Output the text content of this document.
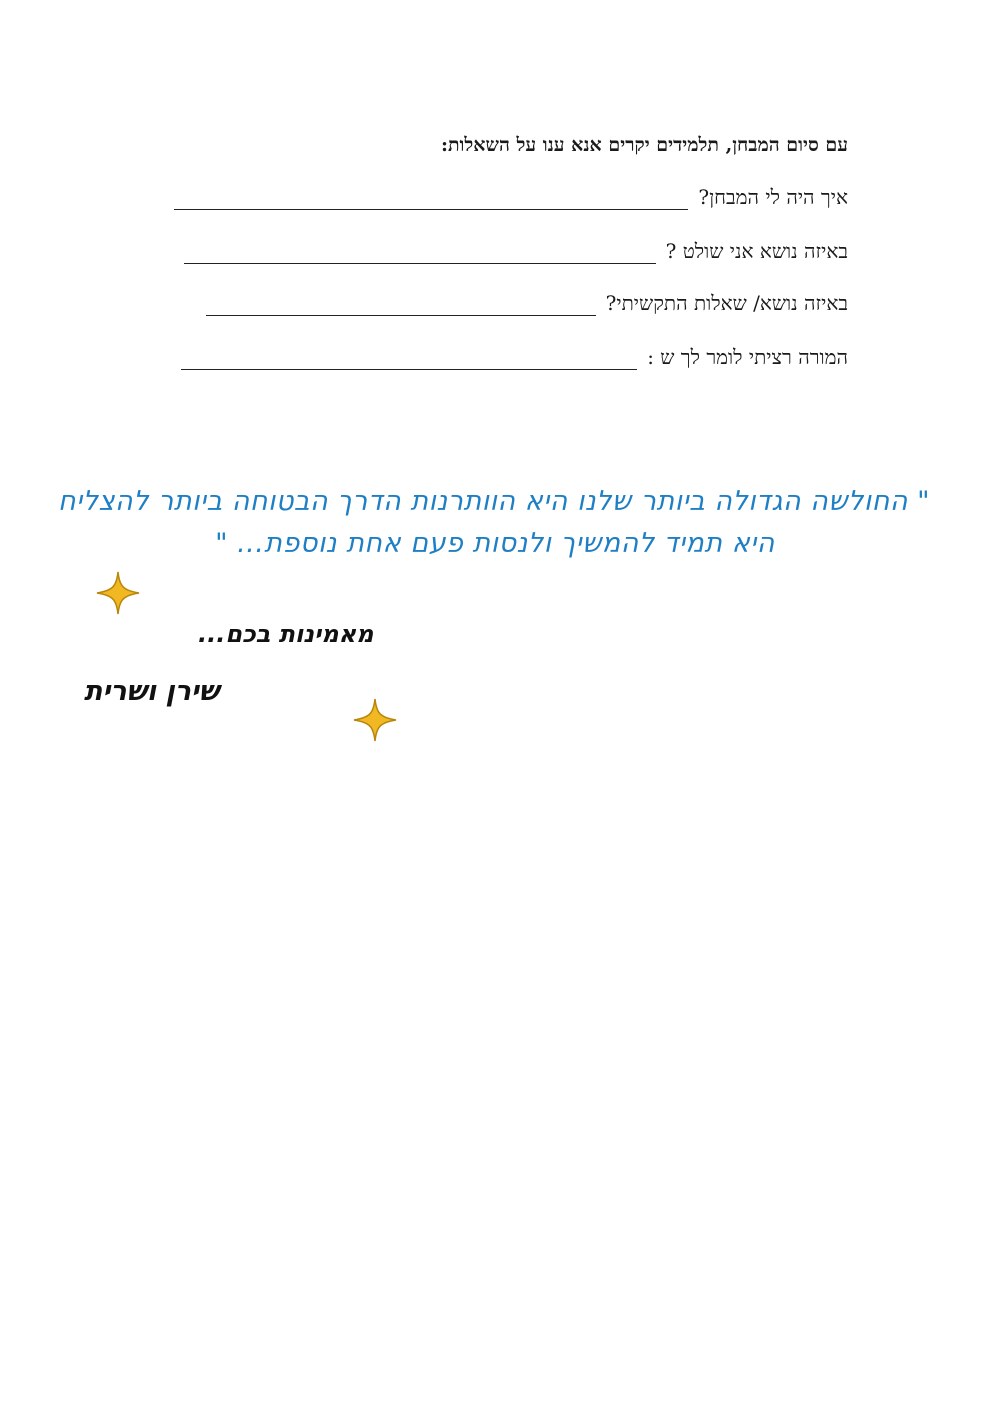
עם סיום המבחן, תלמידים יקרים אנא ענו על השאלות:
איך היה לי המבחן?
באיזה נושא אני שולט ?
באיזה נושא/ שאלות התקשיתי?
המורה רציתי לומר לך ש :
" החולשה הגדולה ביותר שלנו היא הוותרנות הדרך הבטוחה ביותר להצליח
היא תמיד להמשיך ולנסות פעם אחת נוספת... "
מאמינות בכם...
שירן ושרית
